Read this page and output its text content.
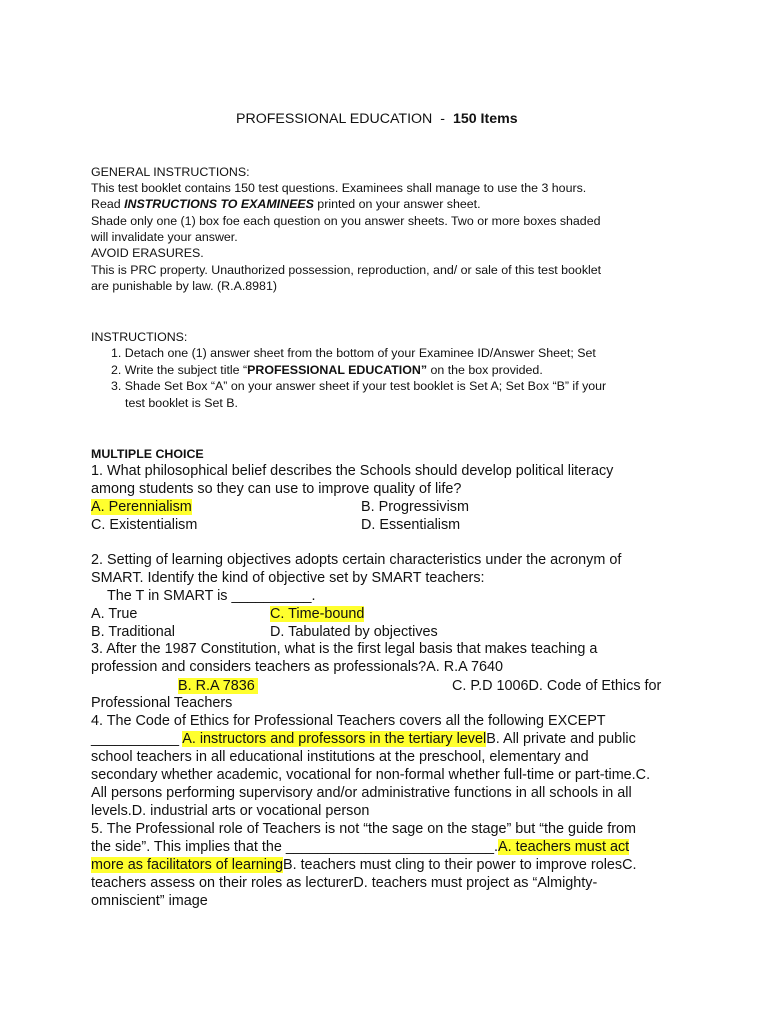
PROFESSIONAL EDUCATION - 150 Items
GENERAL INSTRUCTIONS:
This test booklet contains 150 test questions. Examinees shall manage to use the 3 hours.
Read INSTRUCTIONS TO EXAMINEES printed on your answer sheet.
Shade only one (1) box foe each question on you answer sheets. Two or more boxes shaded
will invalidate your answer.
AVOID ERASURES.
This is PRC property. Unauthorized possession, reproduction, and/ or sale of this test booklet
are punishable by law. (R.A.8981)
INSTRUCTIONS:
1. Detach one (1) answer sheet from the bottom of your Examinee ID/Answer Sheet; Set
2. Write the subject title “PROFESSIONAL EDUCATION” on the box provided.
3. Shade Set Box “A” on your answer sheet if your test booklet is Set A; Set Box “B” if your
test booklet is Set B.
MULTIPLE CHOICE
1. What philosophical belief describes the Schools should develop political literacy
among students so they can use to improve quality of life?
A. Perennialism	B. Progressivism
C. Existentialism	D. Essentialism
2. Setting of learning objectives adopts certain characteristics under the acronym of
SMART. Identify the kind of objective set by SMART teachers:
The T in SMART is __________.
A. True	C. Time-bound
B. Traditional	D. Tabulated by objectives
3. After the 1987 Constitution, what is the first legal basis that makes teaching a
profession and considers teachers as professionals?A. R.A 7640
B. R.A 7836	C. P.D 1006D. Code of Ethics for
Professional Teachers
4. The Code of Ethics for Professional Teachers covers all the following EXCEPT
___________ A. instructors and professors in the tertiary levelB. All private and public
school teachers in all educational institutions at the preschool, elementary and
secondary whether academic, vocational for non-formal whether full-time or part-time.C.
All persons performing supervisory and/or administrative functions in all schools in all
levels.D. industrial arts or vocational person
5. The Professional role of Teachers is not “the sage on the stage” but “the guide from
the side”. This implies that the __________________________.A. teachers must act
more as facilitators of learningB. teachers must cling to their power to improve rolesC.
teachers assess on their roles as lecturerD. teachers must project as “Almighty-
omniscient” image
